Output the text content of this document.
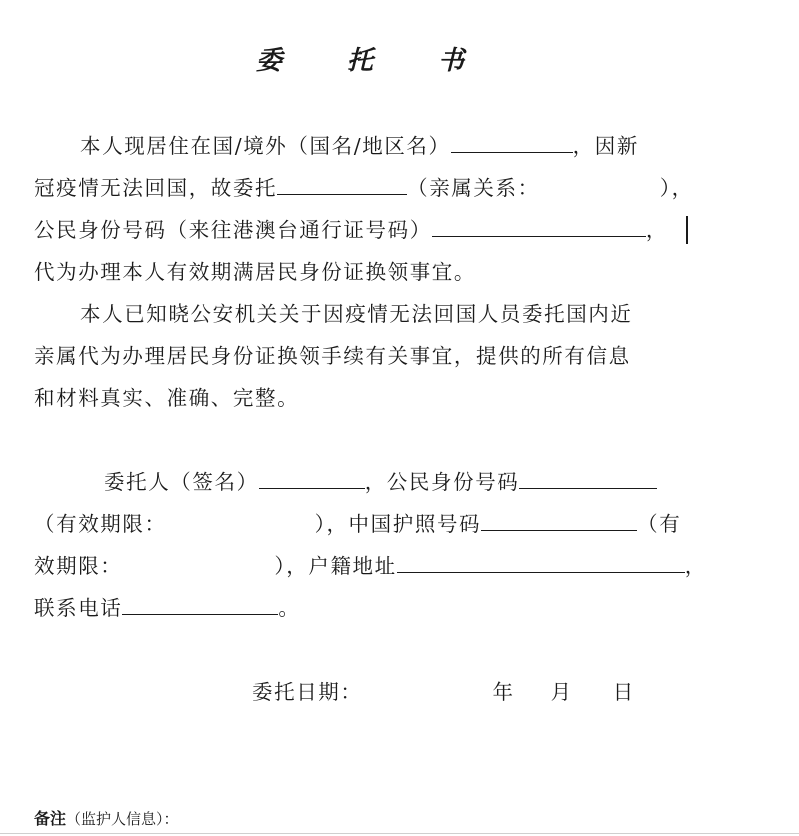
委 托 书
本人现居住在国/境外（国名/地区名）	，因新
冠疫情无法回国，故委托	（亲属关系：	），
公民身份号码（来往港澳台通行证号码）	，
代为办理本人有效期满居民身份证换领事宜。
本人已知晓公安机关关于因疫情无法回国人员委托国内近
亲属代为办理居民身份证换领手续有关事宜，提供的所有信息
和材料真实、准确、完整。
委托人（签名）	，公民身份号码
（有效期限：	），中国护照号码	（有
效期限：	），户籍地址	，
联系电话	。
委托日期：	年 月 日
备注（监护人信息）：
